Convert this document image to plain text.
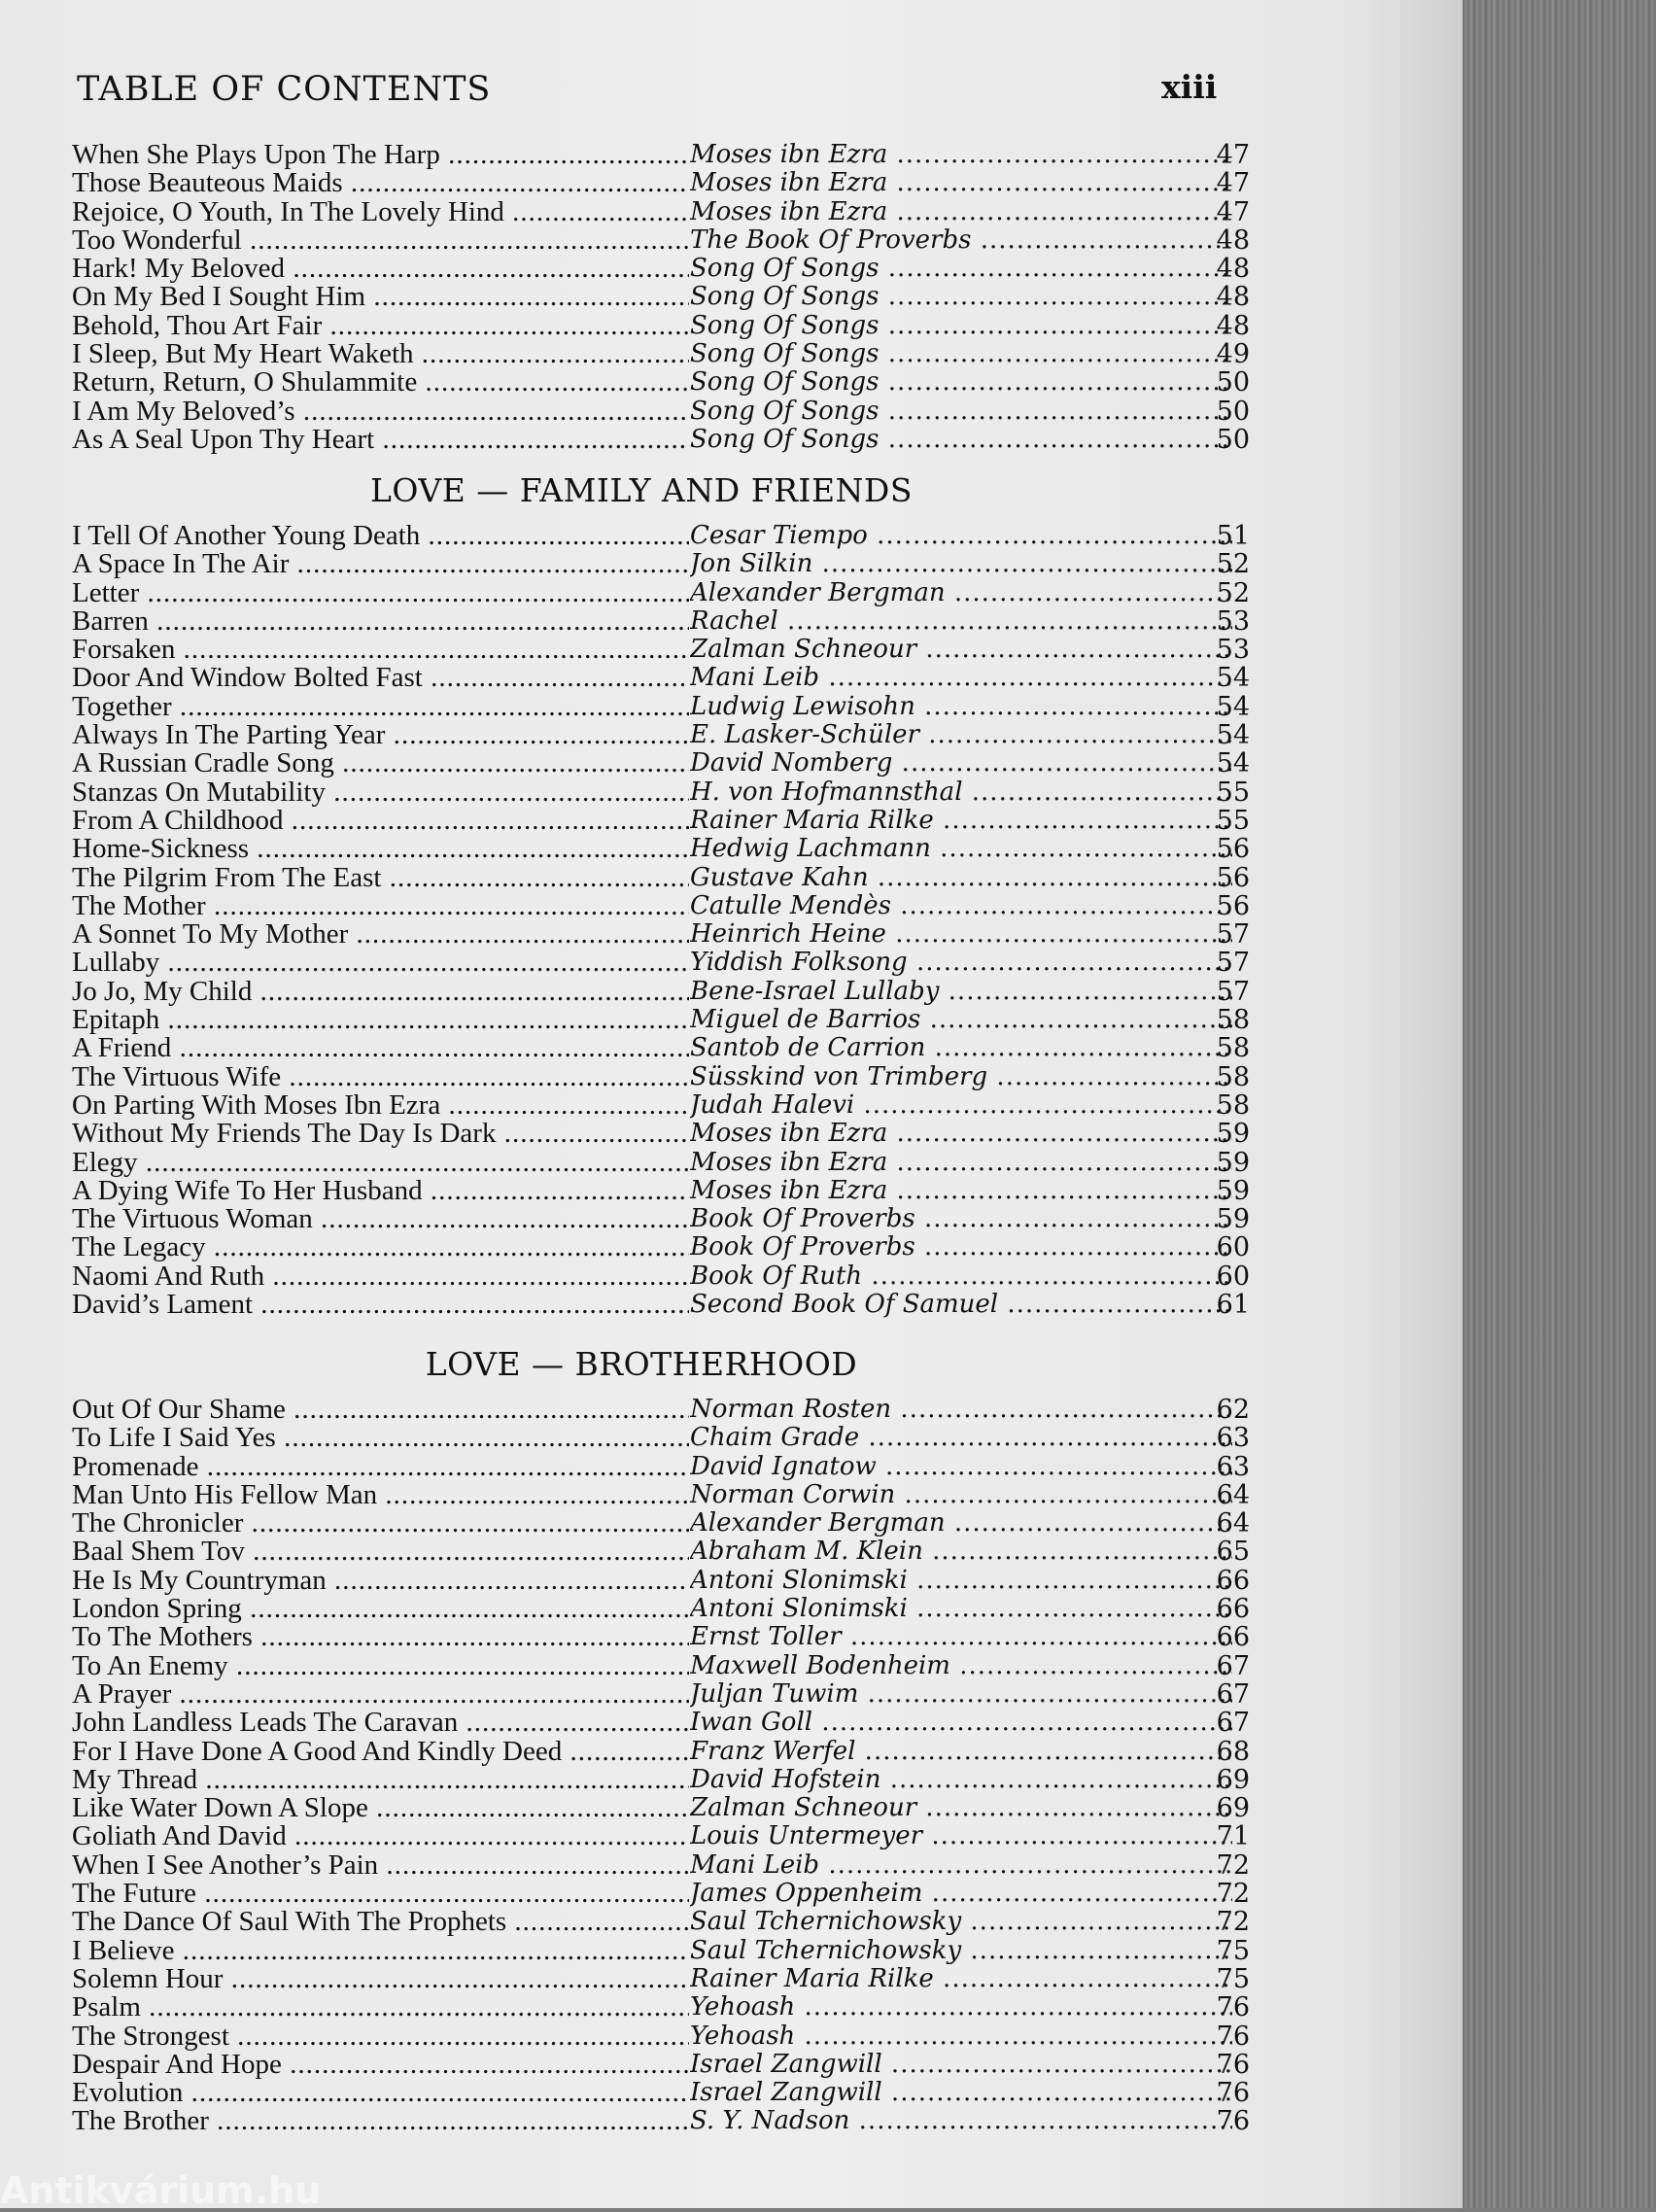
TABLE OF CONTENTS	xiii
When She Plays Upon The Harp .....	Moses ibn Ezra .....	47
Those Beauteous Maids .....	Moses ibn Ezra .....	47
Rejoice, O Youth, In The Lovely Hind .....	Moses ibn Ezra .....	47
Too Wonderful .....	The Book Of Proverbs .....	48
Hark! My Beloved .....	Song Of Songs .....	48
On My Bed I Sought Him .....	Song Of Songs .....	48
Behold, Thou Art Fair .....	Song Of Songs .....	48
I Sleep, But My Heart Waketh .....	Song Of Songs .....	49
Return, Return, O Shulammite .....	Song Of Songs .....	50
I Am My Beloved’s .....	Song Of Songs .....	50
As A Seal Upon Thy Heart .....	Song Of Songs .....	50
LOVE — FAMILY AND FRIENDS
I Tell Of Another Young Death .....	Cesar Tiempo .....	51
A Space In The Air .....	Jon Silkin .....	52
Letter .....	Alexander Bergman .....	52
Barren .....	Rachel .....	53
Forsaken .....	Zalman Schneour .....	53
Door And Window Bolted Fast .....	Mani Leib .....	54
Together .....	Ludwig Lewisohn .....	54
Always In The Parting Year .....	E. Lasker-Schüler .....	54
A Russian Cradle Song .....	David Nomberg .....	54
Stanzas On Mutability .....	H. von Hofmannsthal .....	55
From A Childhood .....	Rainer Maria Rilke .....	55
Home-Sickness .....	Hedwig Lachmann .....	56
The Pilgrim From The East .....	Gustave Kahn .....	56
The Mother .....	Catulle Mendès .....	56
A Sonnet To My Mother .....	Heinrich Heine .....	57
Lullaby .....	Yiddish Folksong .....	57
Jo Jo, My Child .....	Bene-Israel Lullaby .....	57
Epitaph .....	Miguel de Barrios .....	58
A Friend .....	Santob de Carrion .....	58
The Virtuous Wife .....	Süsskind von Trimberg .....	58
On Parting With Moses Ibn Ezra .....	Judah Halevi .....	58
Without My Friends The Day Is Dark .....	Moses ibn Ezra .....	59
Elegy .....	Moses ibn Ezra .....	59
A Dying Wife To Her Husband .....	Moses ibn Ezra .....	59
The Virtuous Woman .....	Book Of Proverbs .....	59
The Legacy .....	Book Of Proverbs .....	60
Naomi And Ruth .....	Book Of Ruth .....	60
David’s Lament .....	Second Book Of Samuel .....	61
LOVE — BROTHERHOOD
Out Of Our Shame .....	Norman Rosten .....	62
To Life I Said Yes .....	Chaim Grade .....	63
Promenade .....	David Ignatow .....	63
Man Unto His Fellow Man .....	Norman Corwin .....	64
The Chronicler .....	Alexander Bergman .....	64
Baal Shem Tov .....	Abraham M. Klein .....	65
He Is My Countryman .....	Antoni Slonimski .....	66
London Spring .....	Antoni Slonimski .....	66
To The Mothers .....	Ernst Toller .....	66
To An Enemy .....	Maxwell Bodenheim .....	67
A Prayer .....	Juljan Tuwim .....	67
John Landless Leads The Caravan .....	Iwan Goll .....	67
For I Have Done A Good And Kindly Deed .....	Franz Werfel .....	68
My Thread .....	David Hofstein .....	69
Like Water Down A Slope .....	Zalman Schneour .....	69
Goliath And David .....	Louis Untermeyer .....	71
When I See Another’s Pain .....	Mani Leib .....	72
The Future .....	James Oppenheim .....	72
The Dance Of Saul With The Prophets .....	Saul Tchernichowsky .....	72
I Believe .....	Saul Tchernichowsky .....	75
Solemn Hour .....	Rainer Maria Rilke .....	75
Psalm .....	Yehoash .....	76
The Strongest .....	Yehoash .....	76
Despair And Hope .....	Israel Zangwill .....	76
Evolution .....	Israel Zangwill .....	76
The Brother .....	S. Y. Nadson .....	76
Antikvárium.hu
